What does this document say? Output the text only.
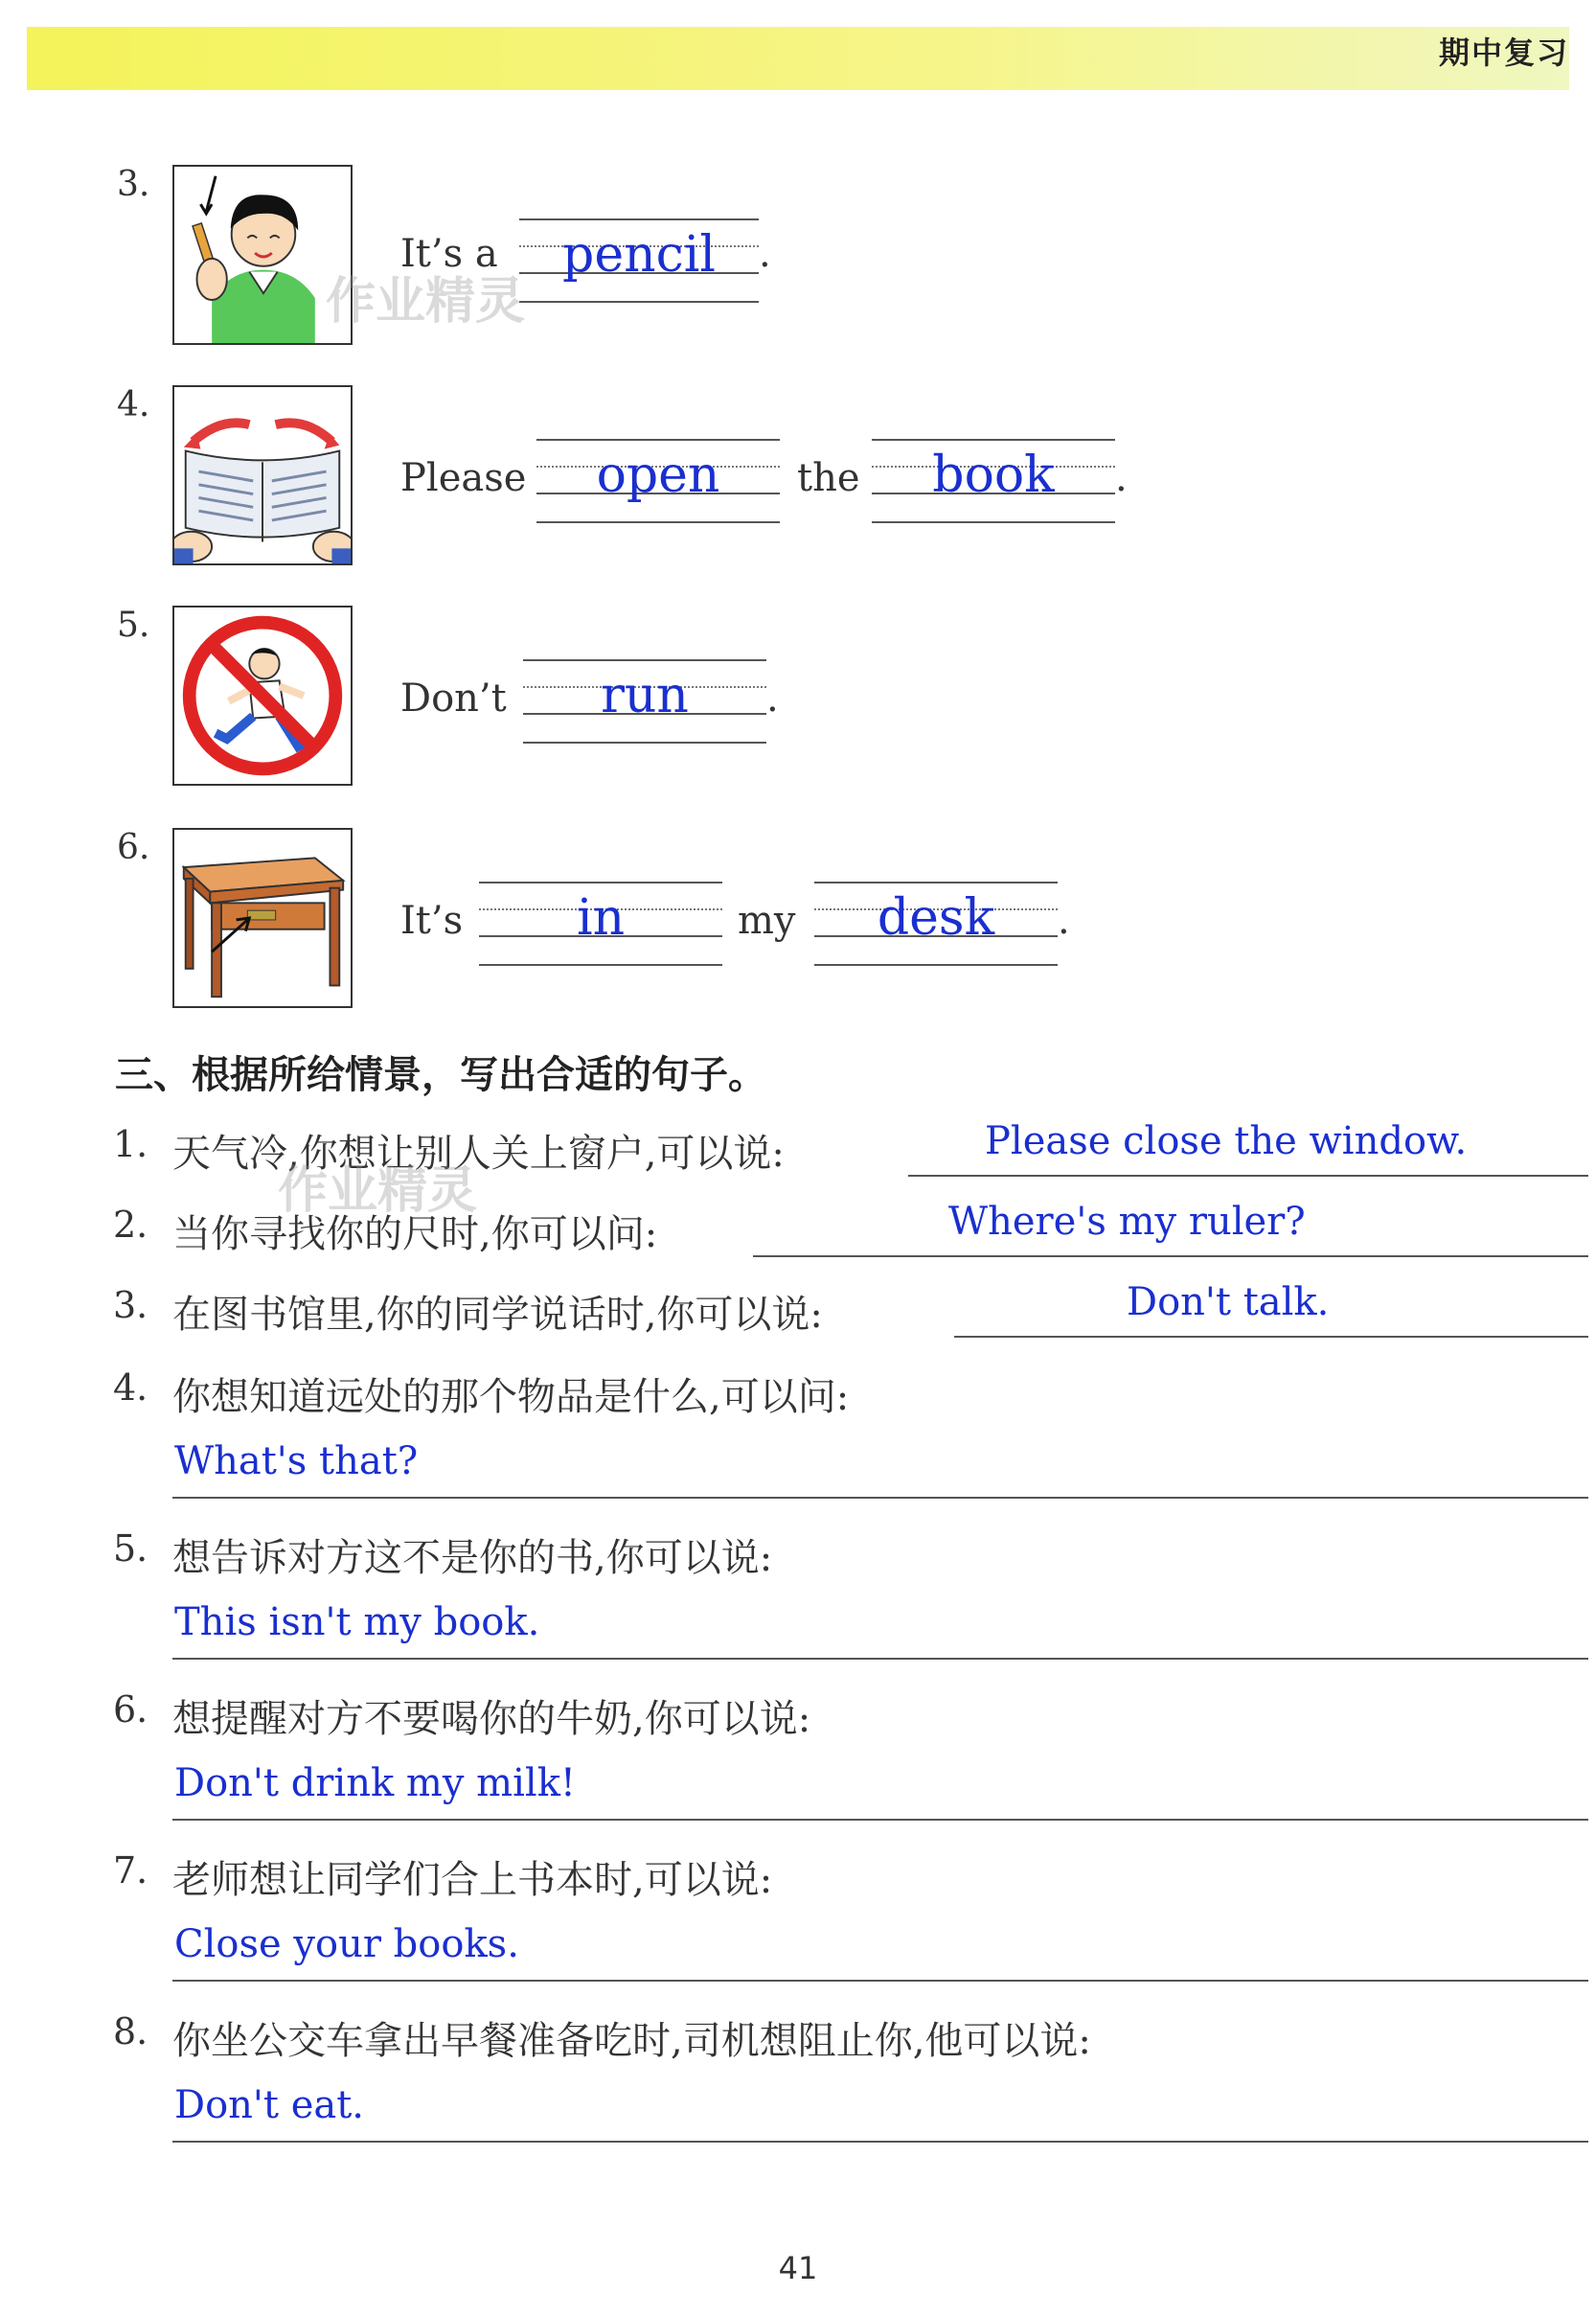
期中复习
3.
It’s a	pencil	.
作业精灵
4.
Please	open	the	book	.
5.
Don’t	run	.
6.
It’s	in	my	desk	.
三、根据所给情景，写出合适的句子。
1. 天气冷,你想让别人关上窗户,可以说:	Please close the window.
作业精灵
2. 当你寻找你的尺时,你可以问:	Where's my ruler?
3. 在图书馆里,你的同学说话时,你可以说:	Don't talk.
4. 你想知道远处的那个物品是什么,可以问:
What's that?
5. 想告诉对方这不是你的书,你可以说:
This isn't my book.
6. 想提醒对方不要喝你的牛奶,你可以说:
Don't drink my milk!
7. 老师想让同学们合上书本时,可以说:
Close your books.
8. 你坐公交车拿出早餐准备吃时,司机想阻止你,他可以说:
Don't eat.
41
